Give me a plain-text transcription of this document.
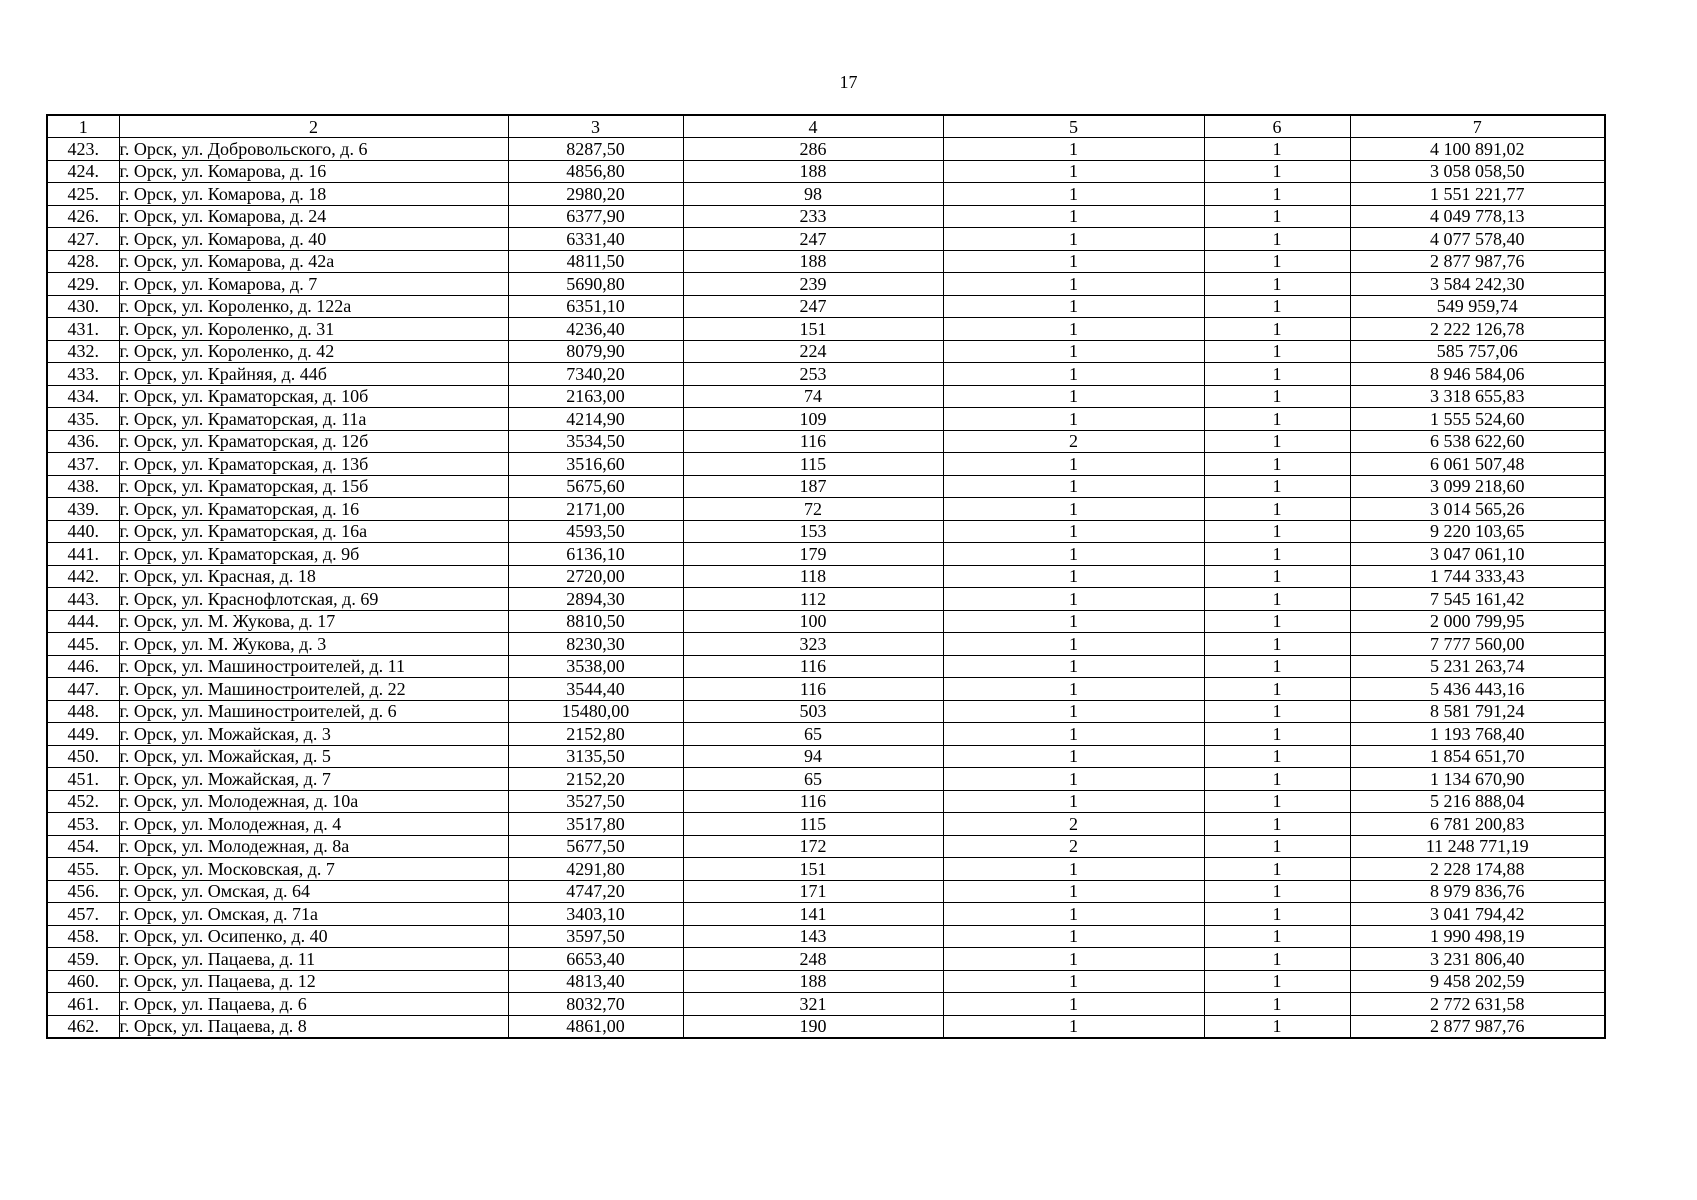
17
1	2	3	4	5	6	7
423.	г. Орск, ул. Добровольского, д. 6	8287,50	286	1	1	4 100 891,02
424.	г. Орск, ул. Комарова, д. 16	4856,80	188	1	1	3 058 058,50
425.	г. Орск, ул. Комарова, д. 18	2980,20	98	1	1	1 551 221,77
426.	г. Орск, ул. Комарова, д. 24	6377,90	233	1	1	4 049 778,13
427.	г. Орск, ул. Комарова, д. 40	6331,40	247	1	1	4 077 578,40
428.	г. Орск, ул. Комарова, д. 42а	4811,50	188	1	1	2 877 987,76
429.	г. Орск, ул. Комарова, д. 7	5690,80	239	1	1	3 584 242,30
430.	г. Орск, ул. Короленко, д. 122а	6351,10	247	1	1	549 959,74
431.	г. Орск, ул. Короленко, д. 31	4236,40	151	1	1	2 222 126,78
432.	г. Орск, ул. Короленко, д. 42	8079,90	224	1	1	585 757,06
433.	г. Орск, ул. Крайняя, д. 44б	7340,20	253	1	1	8 946 584,06
434.	г. Орск, ул. Краматорская, д. 10б	2163,00	74	1	1	3 318 655,83
435.	г. Орск, ул. Краматорская, д. 11а	4214,90	109	1	1	1 555 524,60
436.	г. Орск, ул. Краматорская, д. 12б	3534,50	116	2	1	6 538 622,60
437.	г. Орск, ул. Краматорская, д. 13б	3516,60	115	1	1	6 061 507,48
438.	г. Орск, ул. Краматорская, д. 15б	5675,60	187	1	1	3 099 218,60
439.	г. Орск, ул. Краматорская, д. 16	2171,00	72	1	1	3 014 565,26
440.	г. Орск, ул. Краматорская, д. 16а	4593,50	153	1	1	9 220 103,65
441.	г. Орск, ул. Краматорская, д. 9б	6136,10	179	1	1	3 047 061,10
442.	г. Орск, ул. Красная, д. 18	2720,00	118	1	1	1 744 333,43
443.	г. Орск, ул. Краснофлотская, д. 69	2894,30	112	1	1	7 545 161,42
444.	г. Орск, ул. М. Жукова, д. 17	8810,50	100	1	1	2 000 799,95
445.	г. Орск, ул. М. Жукова, д. 3	8230,30	323	1	1	7 777 560,00
446.	г. Орск, ул. Машиностроителей, д. 11	3538,00	116	1	1	5 231 263,74
447.	г. Орск, ул. Машиностроителей, д. 22	3544,40	116	1	1	5 436 443,16
448.	г. Орск, ул. Машиностроителей, д. 6	15480,00	503	1	1	8 581 791,24
449.	г. Орск, ул. Можайская, д. 3	2152,80	65	1	1	1 193 768,40
450.	г. Орск, ул. Можайская, д. 5	3135,50	94	1	1	1 854 651,70
451.	г. Орск, ул. Можайская, д. 7	2152,20	65	1	1	1 134 670,90
452.	г. Орск, ул. Молодежная, д. 10а	3527,50	116	1	1	5 216 888,04
453.	г. Орск, ул. Молодежная, д. 4	3517,80	115	2	1	6 781 200,83
454.	г. Орск, ул. Молодежная, д. 8а	5677,50	172	2	1	11 248 771,19
455.	г. Орск, ул. Московская, д. 7	4291,80	151	1	1	2 228 174,88
456.	г. Орск, ул. Омская, д. 64	4747,20	171	1	1	8 979 836,76
457.	г. Орск, ул. Омская, д. 71а	3403,10	141	1	1	3 041 794,42
458.	г. Орск, ул. Осипенко, д. 40	3597,50	143	1	1	1 990 498,19
459.	г. Орск, ул. Пацаева, д. 11	6653,40	248	1	1	3 231 806,40
460.	г. Орск, ул. Пацаева, д. 12	4813,40	188	1	1	9 458 202,59
461.	г. Орск, ул. Пацаева, д. 6	8032,70	321	1	1	2 772 631,58
462.	г. Орск, ул. Пацаева, д. 8	4861,00	190	1	1	2 877 987,76
